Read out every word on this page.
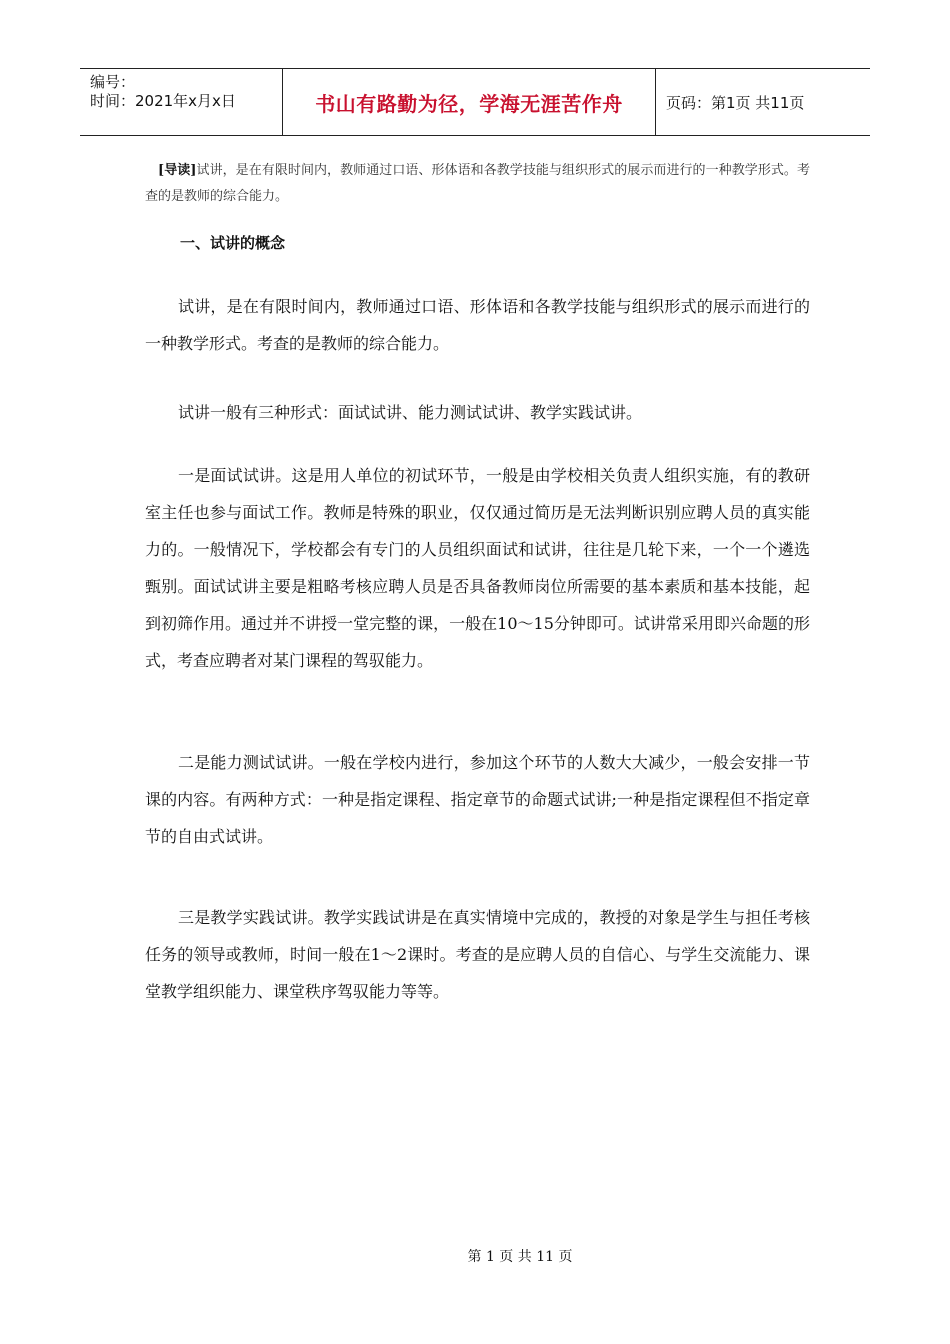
编号：
时间：2021年x月x日	书山有路勤为径，学海无涯苦作舟	页码：第1页 共11页
[导读]试讲，是在有限时间内，教师通过口语、形体语和各教学技能与组织形式的展示而进行的一种教学形式。考查的是教师的综合能力。
一、试讲的概念

试讲，是在有限时间内，教师通过口语、形体语和各教学技能与组织形式的展示而进行的一种教学形式。考查的是教师的综合能力。

试讲一般有三种形式：面试试讲、能力测试试讲、教学实践试讲。

一是面试试讲。这是用人单位的初试环节，一般是由学校相关负责人组织实施，有的教研室主任也参与面试工作。教师是特殊的职业，仅仅通过简历是无法判断识别应聘人员的真实能力的。一般情况下，学校都会有专门的人员组织面试和试讲，往往是几轮下来，一个一个遴选甄别。面试试讲主要是粗略考核应聘人员是否具备教师岗位所需要的基本素质和基本技能，起到初筛作用。通过并不讲授一堂完整的课，一般在10～15分钟即可。试讲常采用即兴命题的形式，考查应聘者对某门课程的驾驭能力。

二是能力测试试讲。一般在学校内进行，参加这个环节的人数大大减少，一般会安排一节课的内容。有两种方式：一种是指定课程、指定章节的命题式试讲;一种是指定课程但不指定章节的自由式试讲。

三是教学实践试讲。教学实践试讲是在真实情境中完成的，教授的对象是学生与担任考核任务的领导或教师，时间一般在1～2课时。考查的是应聘人员的自信心、与学生交流能力、课堂教学组织能力、课堂秩序驾驭能力等等。

第 1 页 共 11 页
